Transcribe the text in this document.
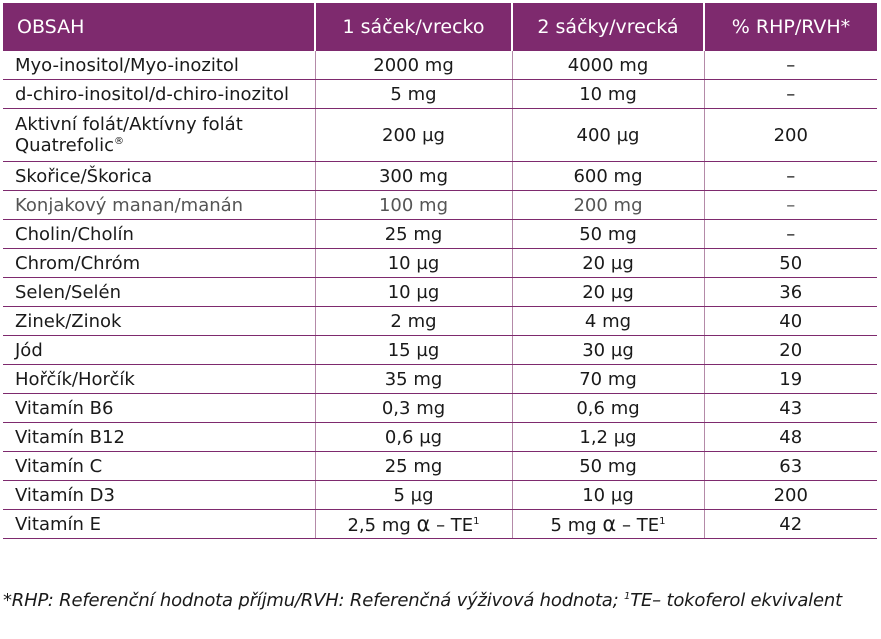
OBSAH	1 sáček/vrecko	2 sáčky/vrecká	% RHP/RVH*
Myo-inositol/Myo-inozitol	2000 mg	4000 mg	–
d-chiro-inositol/d-chiro-inozitol	5 mg	10 mg	–

Aktivní folát/Aktívny folát
Quatrefolic®	200 µg	400 µg	200
Skořice/Škorica	300 mg	600 mg	–
Konjakový manan/manán	100 mg	200 mg	–
Cholin/Cholín	25 mg	50 mg	–
Chrom/Chróm	10 µg	20 µg	50
Selen/Selén	10 µg	20 µg	36
Zinek/Zinok	2 mg	4 mg	40
Jód	15 µg	30 µg	20
Hořčík/Horčík	35 mg	70 mg	19
Vitamín B6	0,3 mg	0,6 mg	43
Vitamín B12	0,6 µg	1,2 µg	48
Vitamín C	25 mg	50 mg	63
Vitamín D3	5 µg	10 µg	200
Vitamín E	2,5 mg α – $TE^1$	5 mg α – $TE^1$	42
*RHP: Referenční hodnota příjmu/RVH: Referenčná výživová hodnota; $^1$TE– tokoferol ekvivalent
